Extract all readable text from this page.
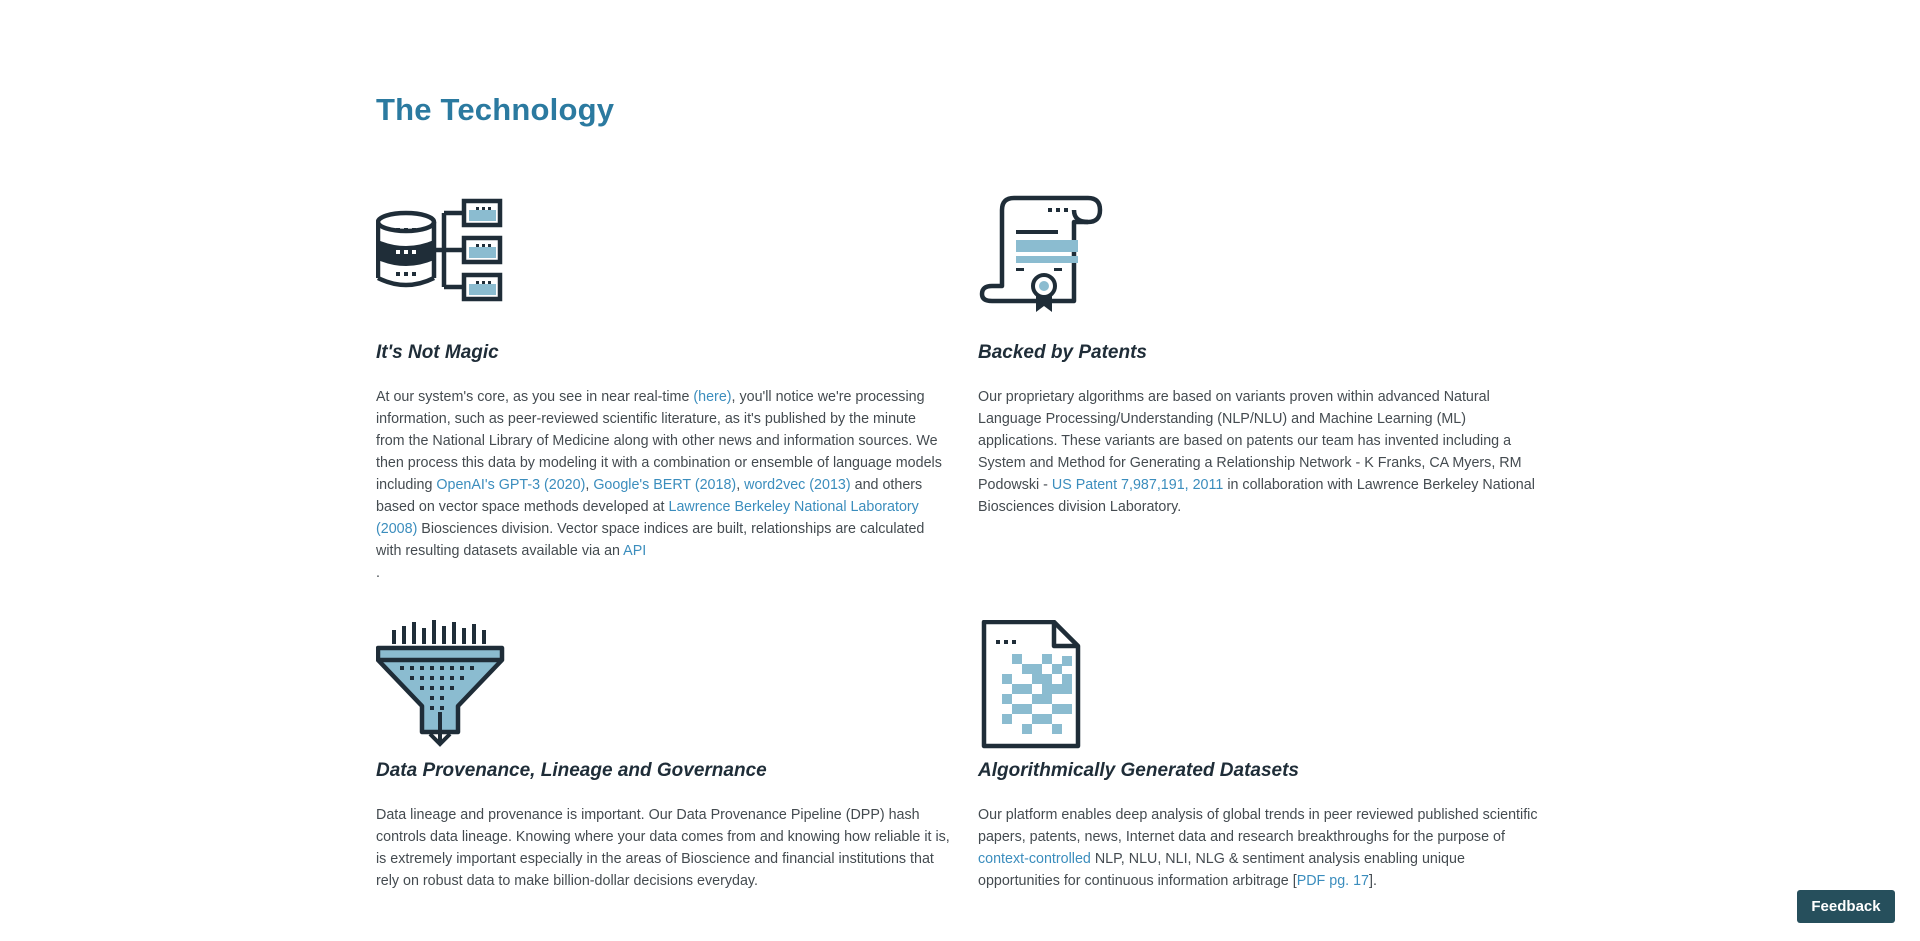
The Technology
It's Not Magic

At our system's core, as you see in near real-time (here), you'll notice we're processing information, such as peer-reviewed scientific literature, as it's published by the minute from the National Library of Medicine along with other news and information sources. We then process this data by modeling it with a combination or ensemble of language models including OpenAI's GPT-3 (2020), Google's BERT (2018), word2vec (2013) and others based on vector space methods developed at Lawrence Berkeley National Laboratory (2008) Biosciences division. Vector space indices are built, relationships are calculated with resulting datasets available via an API
.

Backed by Patents

Our proprietary algorithms are based on variants proven within advanced Natural Language Processing/Understanding (NLP/NLU) and Machine Learning (ML) applications. These variants are based on patents our team has invented including a System and Method for Generating a Relationship Network - K Franks, CA Myers, RM Podowski - US Patent 7,987,191, 2011 in collaboration with Lawrence Berkeley National Biosciences division Laboratory.

Data Provenance, Lineage and Governance

Data lineage and provenance is important. Our Data Provenance Pipeline (DPP) hash controls data lineage. Knowing where your data comes from and knowing how reliable it is, is extremely important especially in the areas of Bioscience and financial institutions that rely on robust data to make billion-dollar decisions everyday.

Algorithmically Generated Datasets

Our platform enables deep analysis of global trends in peer reviewed published scientific papers, patents, news, Internet data and research breakthroughs for the purpose of context-controlled NLP, NLU, NLI, NLG & sentiment analysis enabling unique opportunities for continuous information arbitrage [PDF pg. 17].

Feedback
